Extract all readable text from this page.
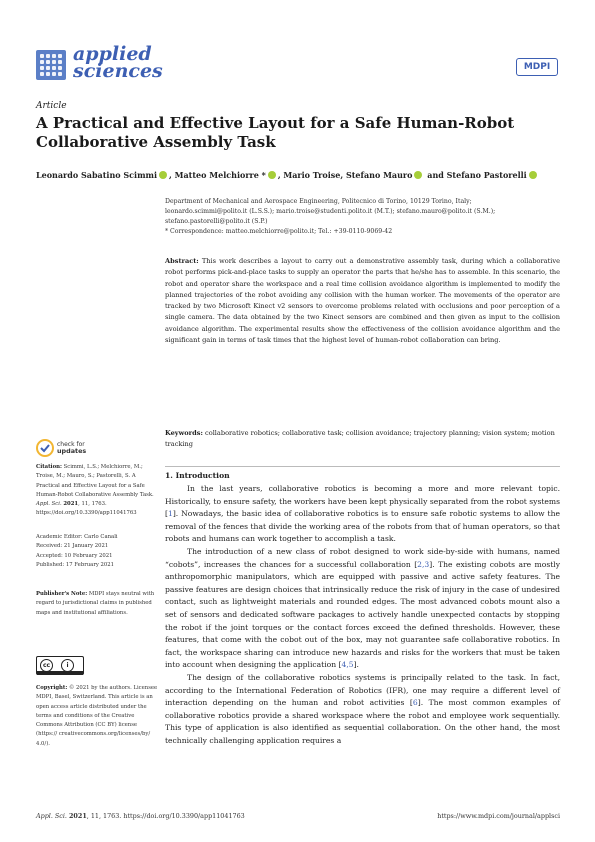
applied
sciences	MDPI
Article
A Practical and Effective Layout for a Safe Human-Robot Collaborative Assembly Task
Leonardo Sabatino Scimmi , Matteo Melchiorre * , Mario Troise, Stefano Mauro and Stefano Pastorelli
Department of Mechanical and Aerospace Engineering, Politecnico di Torino, 10129 Torino, Italy;
leonardo.scimmi@polito.it (L.S.S.); mario.troise@studenti.polito.it (M.T.); stefano.mauro@polito.it (S.M.);
stefano.pastorelli@polito.it (S.P.)
* Correspondence: matteo.melchiorre@polito.it; Tel.: +39-0110-9069-42
Abstract: This work describes a layout to carry out a demonstrative assembly task, during which a collaborative robot performs pick-and-place tasks to supply an operator the parts that he/she has to assemble. In this scenario, the robot and operator share the workspace and a real time collision avoidance algorithm is implemented to modify the planned trajectories of the robot avoiding any collision with the human worker. The movements of the operator are tracked by two Microsoft Kinect v2 sensors to overcome problems related with occlusions and poor perception of a single camera. The data obtained by the two Kinect sensors are combined and then given as input to the collision avoidance algorithm. The experimental results show the effectiveness of the collision avoidance algorithm and the significant gain in terms of task times that the highest level of human-robot collaboration can bring.
Keywords: collaborative robotics; collaborative task; collision avoidance; trajectory planning; vision system; motion tracking
check for
updates
Citation: Scimmi, L.S.; Melchiorre, M.; Troise, M.; Mauro, S.; Pastorelli, S. A Practical and Effective Layout for a Safe Human-Robot Collaborative Assembly Task. Appl. Sci. 2021, 11, 1763. https://doi.org/10.3390/app11041763
Academic Editor: Carlo Canali
Received: 21 January 2021
Accepted: 10 February 2021
Published: 17 February 2021
Publisher's Note: MDPI stays neutral with regard to jurisdictional claims in published maps and institutional affiliations.
cc	i
Copyright: © 2021 by the authors. Licensee MDPI, Basel, Switzerland. This article is an open access article distributed under the terms and conditions of the Creative Commons Attribution (CC BY) license (https:// creativecommons.org/licenses/by/ 4.0/).
1. Introduction

In the last years, collaborative robotics is becoming a more and more relevant topic. Historically, to ensure safety, the workers have been kept physically separated from the robot systems [1]. Nowadays, the basic idea of collaborative robotics is to ensure safe robotic systems to allow the removal of the fences that divide the working area of the robots from that of human operators, so that robots and humans can work together to accomplish a task.

The introduction of a new class of robot designed to work side-by-side with humans, named “cobots”, increases the chances for a successful collaboration [2,3]. The existing cobots are mostly anthropomorphic manipulators, which are equipped with passive and active safety features. The passive features are design choices that intrinsically reduce the risk of injury in the case of undesired contact, such as lightweight materials and rounded edges. The most advanced cobots mount also a set of sensors and dedicated software packages to actively handle unexpected contacts by stopping the robot if the joint torques or the contact forces exceed the defined thresholds. However, these features, that come with the cobot out of the box, may not guarantee safe collaborative robotics. In fact, the workspace sharing can introduce new hazards and risks for the workers that must be taken into account when designing the application [4,5].

The design of the collaborative robotics systems is principally related to the task. In fact, according to the International Federation of Robotics (IFR), one may require a different level of interaction depending on the human and robot activities [6]. The most common examples of collaborative robotics provide a shared workspace where the robot and employee work sequentially. This type of application is also identified as sequential collaboration. On the other hand, the most technically challenging application requires a

Appl. Sci. 2021, 11, 1763. https://doi.org/10.3390/app11041763	https://www.mdpi.com/journal/applsci
